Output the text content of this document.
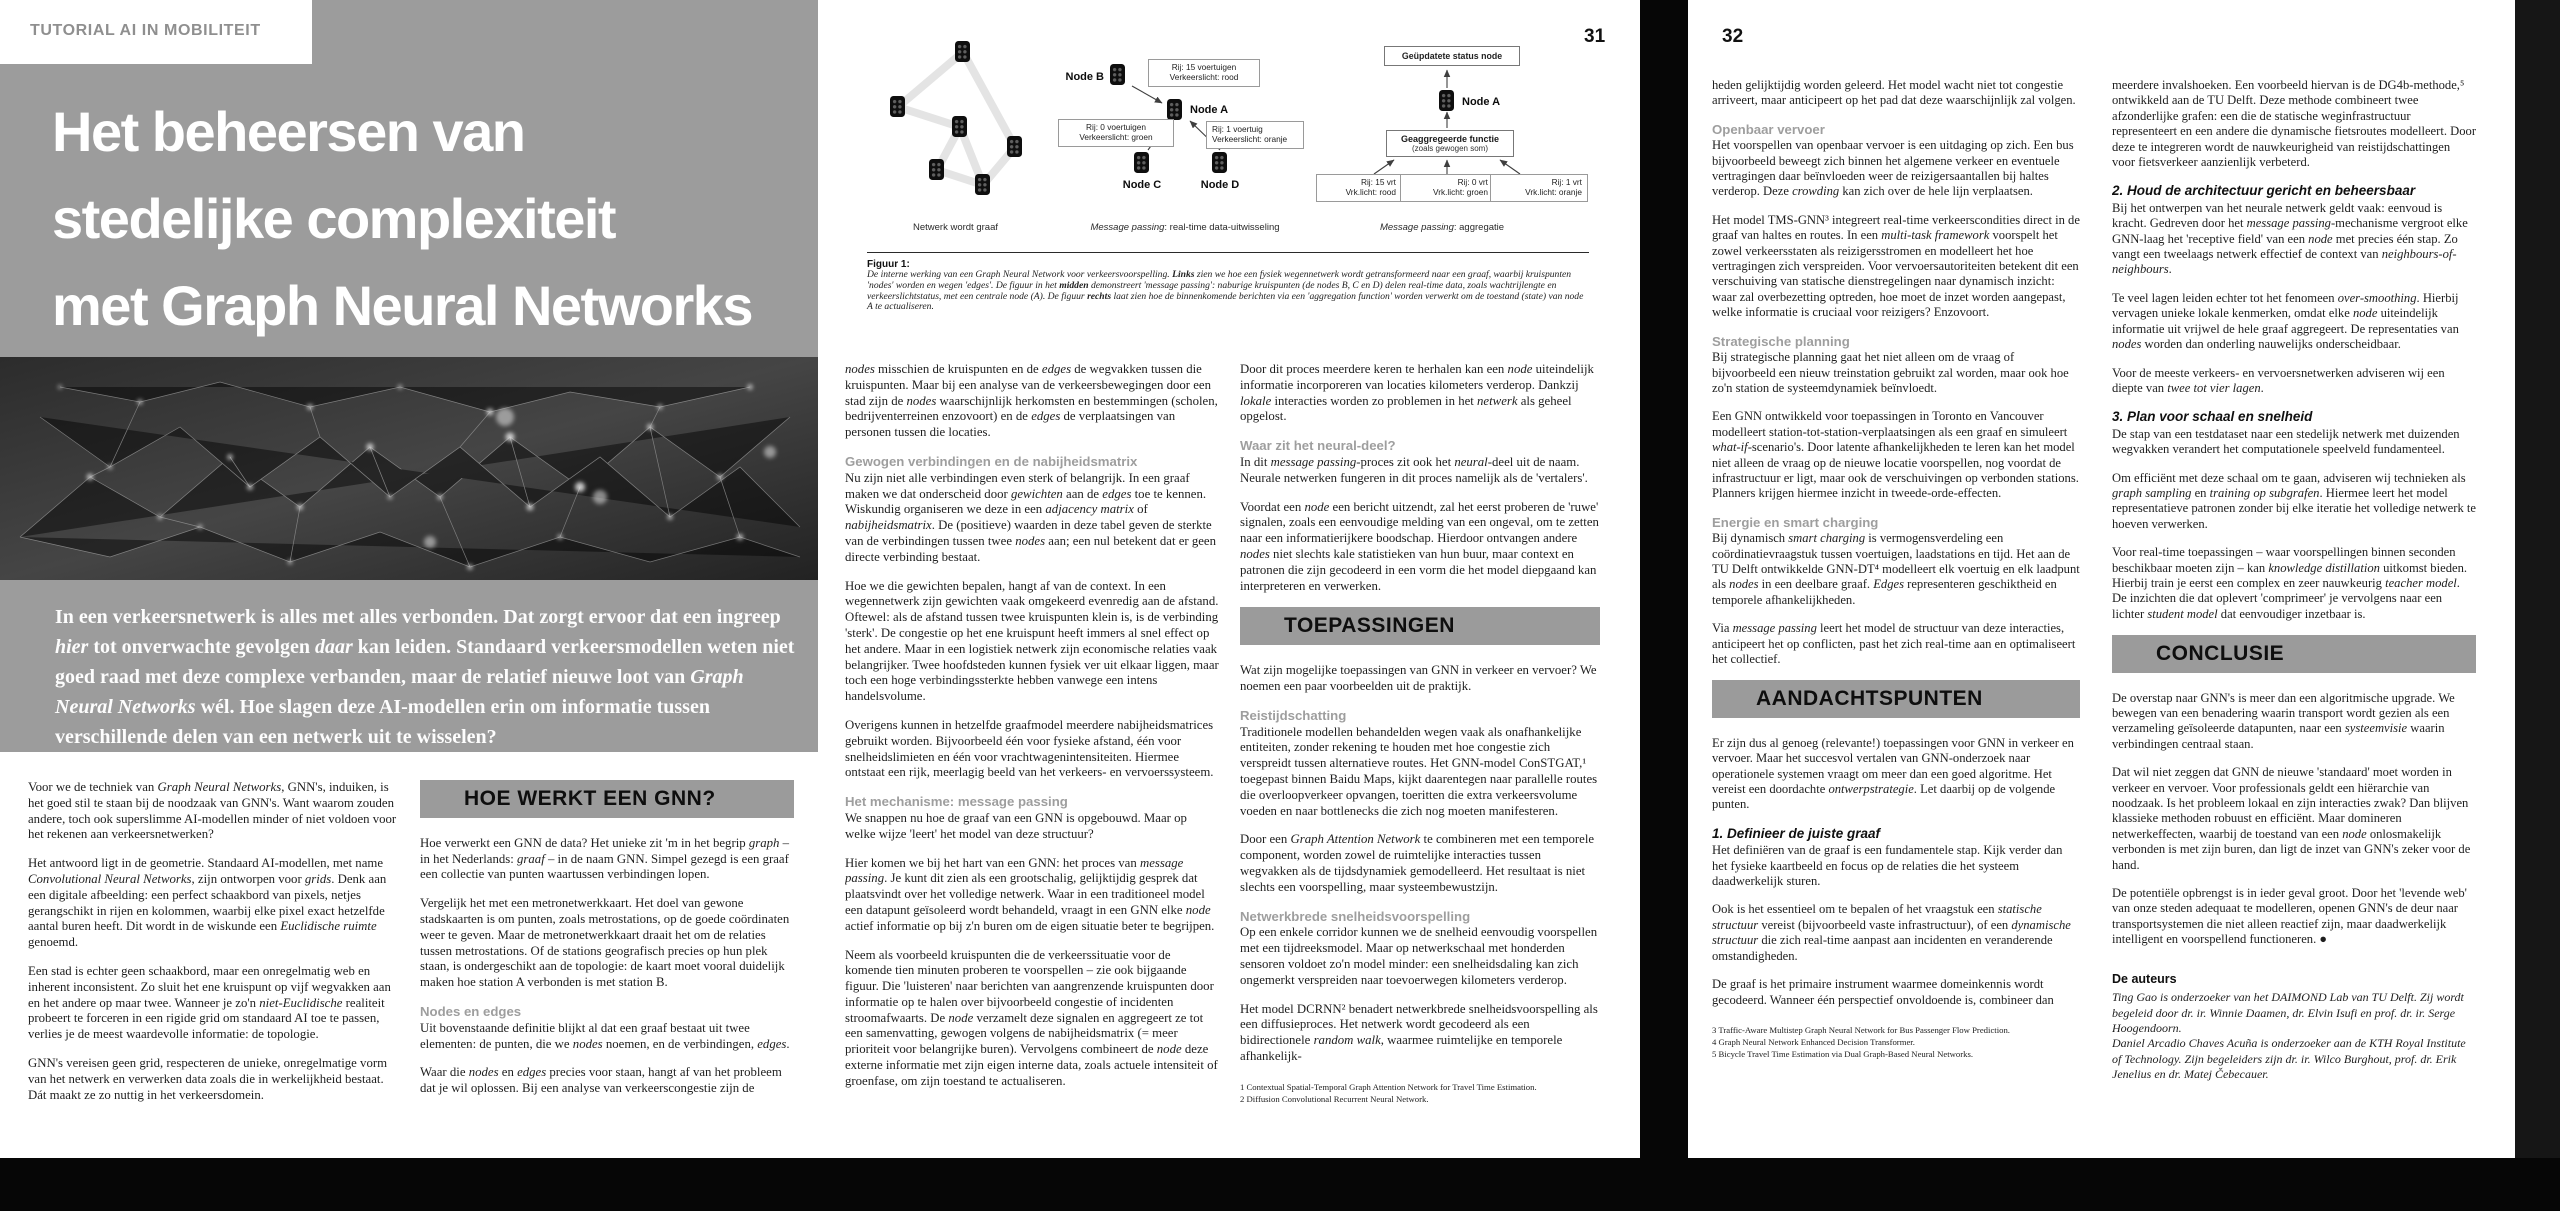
Het beheersen van
stedelijke complexiteit
met Graph Neural Networks
In een verkeersnetwerk is alles met alles verbonden. Dat zorgt ervoor dat een ingreep hier tot onverwachte gevolgen daar kan leiden. Standaard verkeersmodellen weten niet goed raad met deze complexe verbanden, maar de relatief nieuwe loot van Graph Neural Networks wél. Hoe slagen deze AI-modellen erin om informatie tussen verschillende delen van een netwerk uit te wisselen?
TUTORIAL AI IN MOBILITEIT
Node B
Rij: 15 voertuigen
Verkeerslicht: rood
Node A
Rij: 0 voertuigen
Verkeerslicht: groen
Rij: 1 voertuig
Verkeerslicht: oranje
Node C	Node D
Geüpdatete status node
Node A
Geaggregeerde functie
(zoals gewogen som)
Rij: 15 vrt
Vrk.licht: rood
Rij: 0 vrt
Vrk.licht: groen
Rij: 1 vrt
Vrk.licht: oranje
Netwerk wordt graaf	Message passing: real-time data-uitwisseling	Message passing: aggregatie
Figuur 1:
De interne werking van een Graph Neural Network voor verkeersvoorspelling. Links zien we hoe een fysiek wegennetwerk wordt getransformeerd naar een graaf, waarbij kruispunten 'nodes' worden en wegen 'edges'. De figuur in het midden demonstreert 'message passing': naburige kruispunten (de nodes B, C en D) delen real-time data, zoals wachtrijlengte en verkeerslichtstatus, met een centrale node (A). De figuur rechts laat zien hoe de binnenkomende berichten via een 'aggregation function' worden verwerkt om de toestand (state) van node A te actualiseren.
31
Voor we de techniek van Graph Neural Networks, GNN's, induiken, is het goed stil te staan bij de noodzaak van GNN's. Want waarom zouden andere, toch ook superslimme AI-modellen minder of niet voldoen voor het rekenen aan verkeersnetwerken?
Het antwoord ligt in de geometrie. Standaard AI-modellen, met name Convolutional Neural Networks, zijn ontworpen voor grids. Denk aan een digitale afbeelding: een perfect schaakbord van pixels, netjes gerangschikt in rijen en kolommen, waarbij elke pixel exact hetzelfde aantal buren heeft. Dit wordt in de wiskunde een Euclidische ruimte genoemd.
Een stad is echter geen schaakbord, maar een onregelmatig web en inherent inconsistent. Zo sluit het ene kruispunt op vijf wegvakken aan en het andere op maar twee. Wanneer je zo'n niet-Euclidische realiteit probeert te forceren in een rigide grid om standaard AI toe te passen, verlies je de meest waardevolle informatie: de topologie.
GNN's vereisen geen grid, respecteren de unieke, onregelmatige vorm van het netwerk en verwerken data zoals die in werkelijkheid bestaat. Dát maakt ze zo nuttig in het verkeersdomein.
HOE WERKT EEN GNN?
Hoe verwerkt een GNN de data? Het unieke zit 'm in het begrip graph – in het Nederlands: graaf – in de naam GNN. Simpel gezegd is een graaf een collectie van punten waartussen verbindingen lopen.
Vergelijk het met een metronetwerkkaart. Het doel van gewone stadskaarten is om punten, zoals metrostations, op de goede coördinaten weer te geven. Maar de metronetwerkkaart draait het om de relaties tussen metrostations. Of de stations geografisch precies op hun plek staan, is ondergeschikt aan de topologie: de kaart moet vooral duidelijk maken hoe station A verbonden is met station B.
Nodes en edges
Uit bovenstaande definitie blijkt al dat een graaf bestaat uit twee elementen: de punten, die we nodes noemen, en de verbindingen, edges.
Waar die nodes en edges precies voor staan, hangt af van het probleem dat je wil oplossen. Bij een analyse van verkeerscongestie zijn de
nodes misschien de kruispunten en de edges de wegvakken tussen die kruispunten. Maar bij een analyse van de verkeersbewegingen door een stad zijn de nodes waarschijnlijk herkomsten en bestemmingen (scholen, bedrijventerreinen enzovoort) en de edges de verplaatsingen van personen tussen die locaties.
Gewogen verbindingen en de nabijheidsmatrix
Nu zijn niet alle verbindingen even sterk of belangrijk. In een graaf maken we dat onderscheid door gewichten aan de edges toe te kennen. Wiskundig organiseren we deze in een adjacency matrix of nabijheidsmatrix. De (positieve) waarden in deze tabel geven de sterkte van de verbindingen tussen twee nodes aan; een nul betekent dat er geen directe verbinding bestaat.
Hoe we die gewichten bepalen, hangt af van de context. In een wegennetwerk zijn gewichten vaak omgekeerd evenredig aan de afstand. Oftewel: als de afstand tussen twee kruispunten klein is, is de verbinding 'sterk'. De congestie op het ene kruispunt heeft immers al snel effect op het andere. Maar in een logistiek netwerk zijn economische relaties vaak belangrijker. Twee hoofdsteden kunnen fysiek ver uit elkaar liggen, maar toch een hoge verbindingssterkte hebben vanwege een intens handelsvolume.
Overigens kunnen in hetzelfde graafmodel meerdere nabijheidsmatrices gebruikt worden. Bijvoorbeeld één voor fysieke afstand, één voor snelheidslimieten en één voor vrachtwagenintensiteiten. Hiermee ontstaat een rijk, meerlagig beeld van het verkeers- en vervoerssysteem.
Het mechanisme: message passing
We snappen nu hoe de graaf van een GNN is opgebouwd. Maar op welke wijze 'leert' het model van deze structuur?
Hier komen we bij het hart van een GNN: het proces van message passing. Je kunt dit zien als een grootschalig, gelijktijdig gesprek dat plaatsvindt over het volledige netwerk. Waar in een traditioneel model een datapunt geïsoleerd wordt behandeld, vraagt in een GNN elke node actief informatie op bij z'n buren om de eigen situatie beter te begrijpen.
Neem als voorbeeld kruispunten die de verkeerssituatie voor de komende tien minuten proberen te voorspellen – zie ook bijgaande figuur. Die 'luisteren' naar berichten van aangrenzende kruispunten door informatie op te halen over bijvoorbeeld congestie of incidenten stroomafwaarts. De node verzamelt deze signalen en aggregeert ze tot een samenvatting, gewogen volgens de nabijheidsmatrix (= meer prioriteit voor belangrijke buren). Vervolgens combineert de node deze externe informatie met zijn eigen interne data, zoals actuele intensiteit of groenfase, om zijn toestand te actualiseren.
Door dit proces meerdere keren te herhalen kan een node uiteindelijk informatie incorporeren van locaties kilometers verderop. Dankzij lokale interacties worden zo problemen in het netwerk als geheel opgelost.
Waar zit het neural-deel?
In dit message passing-proces zit ook het neural-deel uit de naam. Neurale netwerken fungeren in dit proces namelijk als de 'vertalers'.
Voordat een node een bericht uitzendt, zal het eerst proberen de 'ruwe' signalen, zoals een eenvoudige melding van een ongeval, om te zetten naar een informatierijkere boodschap. Hierdoor ontvangen andere nodes niet slechts kale statistieken van hun buur, maar context en patronen die zijn gecodeerd in een vorm die het model diepgaand kan interpreteren en verwerken.
TOEPASSINGEN
Wat zijn mogelijke toepassingen van GNN in verkeer en vervoer? We noemen een paar voorbeelden uit de praktijk.
Reistijdschatting
Traditionele modellen behandelden wegen vaak als onafhankelijke entiteiten, zonder rekening te houden met hoe congestie zich verspreidt tussen alternatieve routes. Het GNN-model ConSTGAT,¹ toegepast binnen Baidu Maps, kijkt daarentegen naar parallelle routes die overloopverkeer opvangen, toeritten die extra verkeersvolume voeden en naar bottlenecks die zich nog moeten manifesteren.
Door een Graph Attention Network te combineren met een temporele component, worden zowel de ruimtelijke interacties tussen wegvakken als de tijdsdynamiek gemodelleerd. Het resultaat is niet slechts een voorspelling, maar systeembewustzijn.
Netwerkbrede snelheidsvoorspelling
Op een enkele corridor kunnen we de snelheid eenvoudig voorspellen met een tijdreeksmodel. Maar op netwerkschaal met honderden sensoren voldoet zo'n model minder: een snelheidsdaling kan zich ongemerkt verspreiden naar toevoerwegen kilometers verderop.
Het model DCRNN² benadert netwerkbrede snelheidsvoorspelling als een diffusieproces. Het netwerk wordt gecodeerd als een bidirectionele random walk, waarmee ruimtelijke en temporele afhankelijk-
1 Contextual Spatial-Temporal Graph Attention Network for Travel Time Estimation.
2 Diffusion Convolutional Recurrent Neural Network.
32
heden gelijktijdig worden geleerd. Het model wacht niet tot congestie arriveert, maar anticipeert op het pad dat deze waarschijnlijk zal volgen.
Openbaar vervoer
Het voorspellen van openbaar vervoer is een uitdaging op zich. Een bus bijvoorbeeld beweegt zich binnen het algemene verkeer en eventuele vertragingen daar beïnvloeden weer de reizigersaantallen bij haltes verderop. Deze crowding kan zich over de hele lijn verplaatsen.
Het model TMS-GNN³ integreert real-time verkeerscondities direct in de graaf van haltes en routes. In een multi-task framework voorspelt het zowel verkeersstaten als reizigersstromen en modelleert het hoe vertragingen zich verspreiden. Voor vervoersautoriteiten betekent dit een verschuiving van statische dienstregelingen naar dynamisch inzicht: waar zal overbezetting optreden, hoe moet de inzet worden aangepast, welke informatie is cruciaal voor reizigers? Enzovoort.
Strategische planning
Bij strategische planning gaat het niet alleen om de vraag of bijvoorbeeld een nieuw treinstation gebruikt zal worden, maar ook hoe zo'n station de systeemdynamiek beïnvloedt.
Een GNN ontwikkeld voor toepassingen in Toronto en Vancouver modelleert station-tot-station-verplaatsingen als een graaf en simuleert what-if-scenario's. Door latente afhankelijkheden te leren kan het model niet alleen de vraag op de nieuwe locatie voorspellen, nog voordat de infrastructuur er ligt, maar ook de verschuivingen op verbonden stations. Planners krijgen hiermee inzicht in tweede-orde-effecten.
Energie en smart charging
Bij dynamisch smart charging is vermogensverdeling een coördinatievraagstuk tussen voertuigen, laadstations en tijd. Het aan de TU Delft ontwikkelde GNN-DT⁴ modelleert elk voertuig en elk laadpunt als nodes in een deelbare graaf. Edges representeren geschiktheid en temporele afhankelijkheden.
Via message passing leert het model de structuur van deze interacties, anticipeert het op conflicten, past het zich real-time aan en optimaliseert het collectief.
AANDACHTSPUNTEN
Er zijn dus al genoeg (relevante!) toepassingen voor GNN in verkeer en vervoer. Maar het succesvol vertalen van GNN-onderzoek naar operationele systemen vraagt om meer dan een goed algoritme. Het vereist een doordachte ontwerpstrategie. Let daarbij op de volgende punten.
1. Definieer de juiste graaf
Het definiëren van de graaf is een fundamentele stap. Kijk verder dan het fysieke kaartbeeld en focus op de relaties die het systeem daadwerkelijk sturen.
Ook is het essentieel om te bepalen of het vraagstuk een statische structuur vereist (bijvoorbeeld vaste infrastructuur), of een dynamische structuur die zich real-time aanpast aan incidenten en veranderende omstandigheden.
De graaf is het primaire instrument waarmee domeinkennis wordt gecodeerd. Wanneer één perspectief onvoldoende is, combineer dan
3 Traffic-Aware Multistep Graph Neural Network for Bus Passenger Flow Prediction.
4 Graph Neural Network Enhanced Decision Transformer.
5 Bicycle Travel Time Estimation via Dual Graph-Based Neural Networks.
meerdere invalshoeken. Een voorbeeld hiervan is de DG4b-methode,⁵ ontwikkeld aan de TU Delft. Deze methode combineert twee afzonderlijke grafen: een die de statische weginfrastructuur representeert en een andere die dynamische fietsroutes modelleert. Door deze te integreren wordt de nauwkeurigheid van reistijdschattingen voor fietsverkeer aanzienlijk verbeterd.
2. Houd de architectuur gericht en beheersbaar
Bij het ontwerpen van het neurale netwerk geldt vaak: eenvoud is kracht. Gedreven door het message passing-mechanisme vergroot elke GNN-laag het 'receptive field' van een node met precies één stap. Zo vangt een tweelaags netwerk effectief de context van neighbours-of-neighbours.
Te veel lagen leiden echter tot het fenomeen over-smoothing. Hierbij vervagen unieke lokale kenmerken, omdat elke node uiteindelijk informatie uit vrijwel de hele graaf aggregeert. De representaties van nodes worden dan onderling nauwelijks onderscheidbaar.
Voor de meeste verkeers- en vervoersnetwerken adviseren wij een diepte van twee tot vier lagen.
3. Plan voor schaal en snelheid
De stap van een testdataset naar een stedelijk netwerk met duizenden wegvakken verandert het computationele speelveld fundamenteel.
Om efficiënt met deze schaal om te gaan, adviseren wij technieken als graph sampling en training op subgrafen. Hiermee leert het model representatieve patronen zonder bij elke iteratie het volledige netwerk te hoeven verwerken.
Voor real-time toepassingen – waar voorspellingen binnen seconden beschikbaar moeten zijn – kan knowledge distillation uitkomst bieden. Hierbij train je eerst een complex en zeer nauwkeurig teacher model. De inzichten die dat oplevert 'comprimeer' je vervolgens naar een lichter student model dat eenvoudiger inzetbaar is.
CONCLUSIE
De overstap naar GNN's is meer dan een algoritmische upgrade. We bewegen van een benadering waarin transport wordt gezien als een verzameling geïsoleerde datapunten, naar een systeemvisie waarin verbindingen centraal staan.
Dat wil niet zeggen dat GNN de nieuwe 'standaard' moet worden in verkeer en vervoer. Voor professionals geldt een hiërarchie van noodzaak. Is het probleem lokaal en zijn interacties zwak? Dan blijven klassieke methoden robuust en efficiënt. Maar domineren netwerkeffecten, waarbij de toestand van een node onlosmakelijk verbonden is met zijn buren, dan ligt de inzet van GNN's zeker voor de hand.
De potentiële opbrengst is in ieder geval groot. Door het 'levende web' van onze steden adequaat te modelleren, openen GNN's de deur naar transportsystemen die niet alleen reactief zijn, maar daadwerkelijk intelligent en voorspellend functioneren. ●
De auteurs
Ting Gao is onderzoeker van het DAIMOND Lab van TU Delft. Zij wordt begeleid door dr. ir. Winnie Daamen, dr. Elvin Isufi en prof. dr. ir. Serge Hoogendoorn.
Daniel Arcadio Chaves Acuña is onderzoeker aan de KTH Royal Institute of Technology. Zijn begeleiders zijn dr. ir. Wilco Burghout, prof. dr. Erik Jenelius en dr. Matej Čebecauer.
